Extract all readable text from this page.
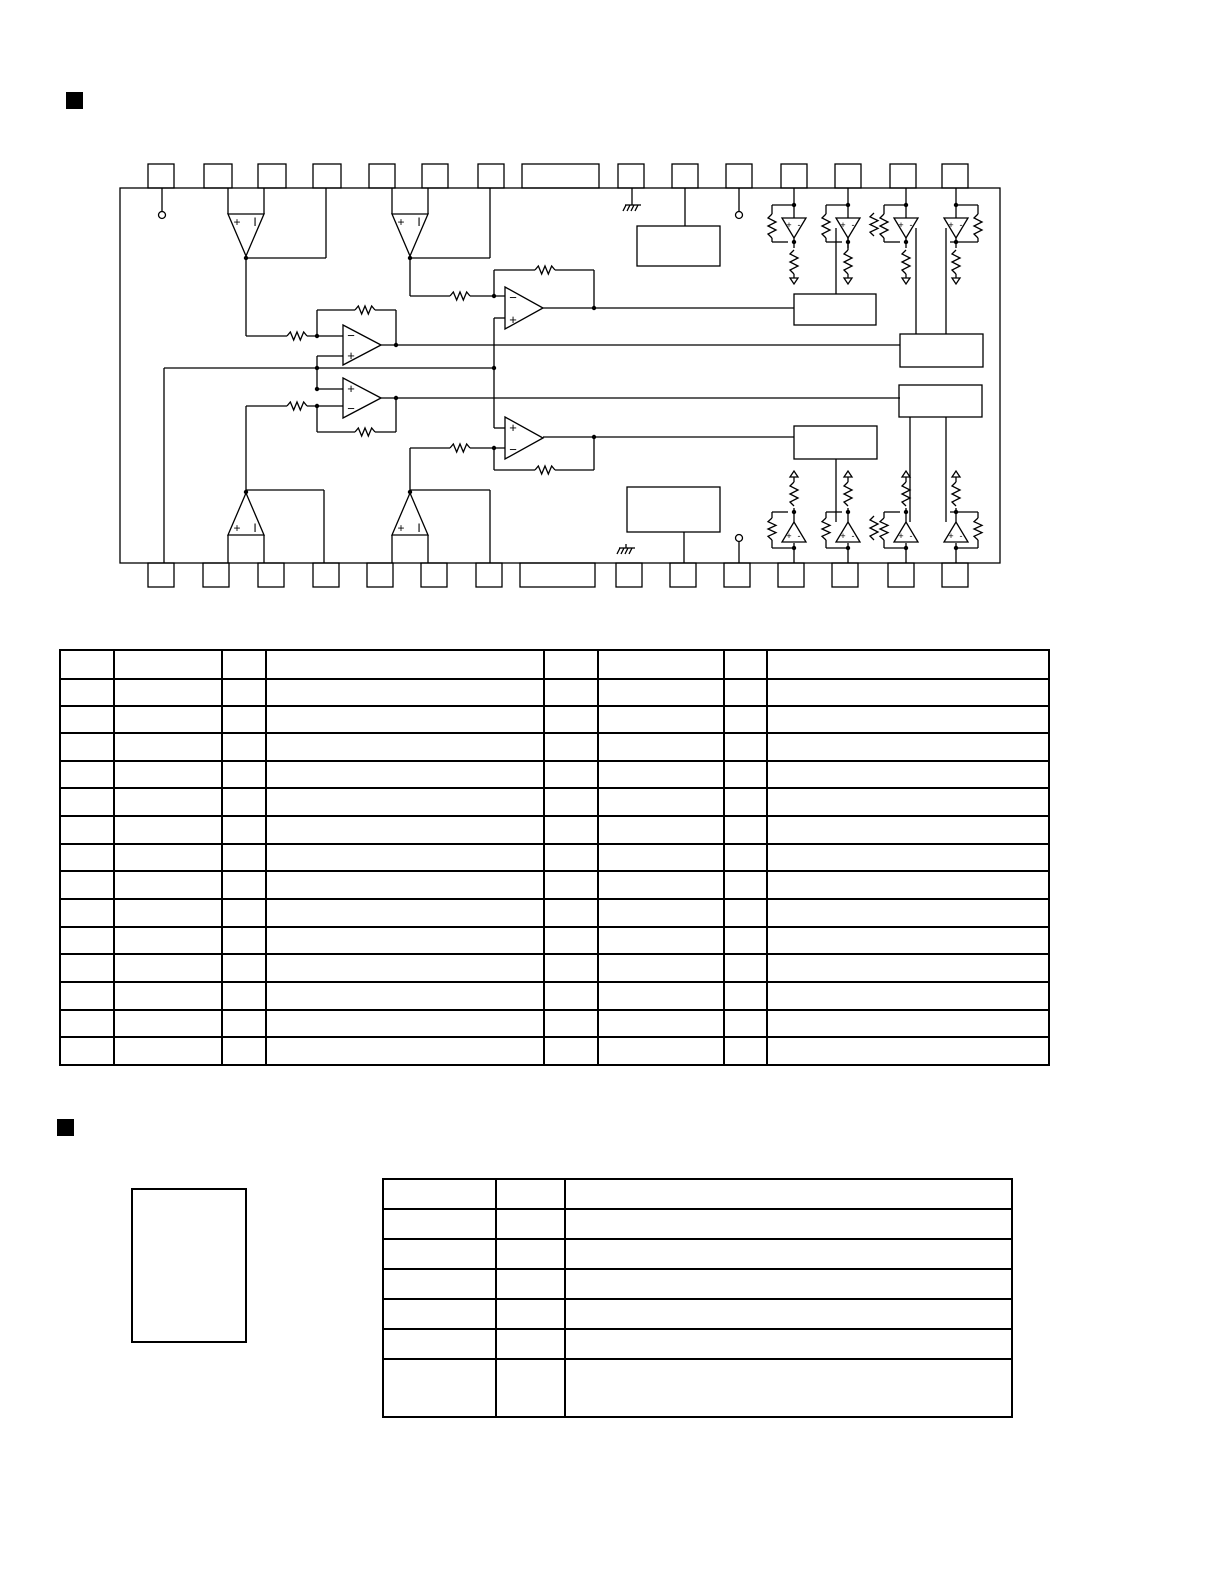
+ I	+ I
+ I	+ I
−
+
+
−
−
+
+
−
+ -	+ -	+ -	+ -
+ -	+ -	+ -	+ -
